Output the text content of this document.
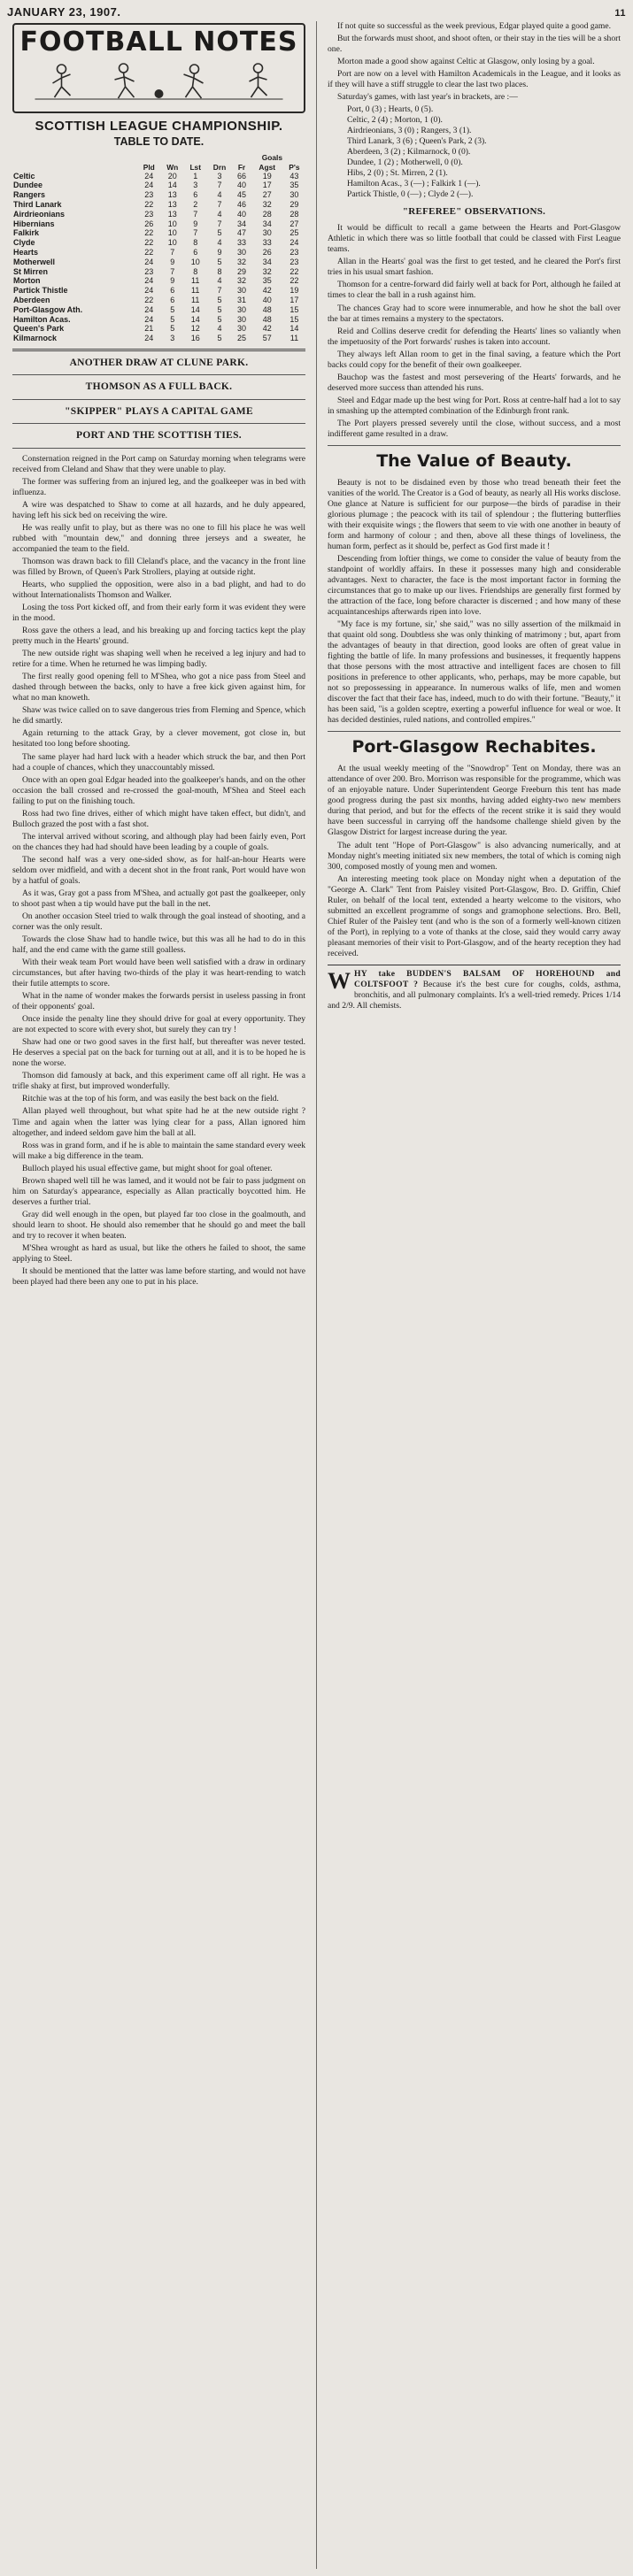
JANUARY 23, 1907.	11
FOOTBALL NOTES
SCOTTISH LEAGUE CHAMPIONSHIP.
TABLE TO DATE.
Goals
	Pld	Wn	Lst	Drn	Fr	Agst	P's
Celtic	24	20	1	3	66	19	43
Dundee	24	14	3	7	40	17	35
Rangers	23	13	6	4	45	27	30
Third Lanark	22	13	2	7	46	32	29
Airdrieonians	23	13	7	4	40	28	28
Hibernians	26	10	9	7	34	34	27
Falkirk	22	10	7	5	47	30	25
Clyde	22	10	8	4	33	33	24
Hearts	22	7	6	9	30	26	23
Motherwell	24	9	10	5	32	34	23
St Mirren	23	7	8	8	29	32	22
Morton	24	9	11	4	32	35	22
Partick Thistle	24	6	11	7	30	42	19
Aberdeen	22	6	11	5	31	40	17
Port-Glasgow Ath.	24	5	14	5	30	48	15
Hamilton Acas.	24	5	14	5	30	48	15
Queen's Park	21	5	12	4	30	42	14
Kilmarnock	24	3	16	5	25	57	11
ANOTHER DRAW AT CLUNE PARK.
THOMSON AS A FULL BACK.
"SKIPPER" PLAYS A CAPITAL GAME
PORT AND THE SCOTTISH TIES.

Consternation reigned in the Port camp on Saturday morning when telegrams were received from Cleland and Shaw that they were unable to play.

The former was suffering from an injured leg, and the goalkeeper was in bed with influenza.

A wire was despatched to Shaw to come at all hazards, and he duly appeared, having left his sick bed on receiving the wire.

He was really unfit to play, but as there was no one to fill his place he was well rubbed with "mountain dew," and donning three jerseys and a sweater, he accompanied the team to the field.

Thomson was drawn back to fill Cleland's place, and the vacancy in the front line was filled by Brown, of Queen's Park Strollers, playing at outside right.

Hearts, who supplied the opposition, were also in a bad plight, and had to do without Internationalists Thomson and Walker.

Losing the toss Port kicked off, and from their early form it was evident they were in the mood.

Ross gave the others a lead, and his breaking up and forcing tactics kept the play pretty much in the Hearts' ground.

The new outside right was shaping well when he received a leg injury and had to retire for a time. When he returned he was limping badly.

The first really good opening fell to M'Shea, who got a nice pass from Steel and dashed through between the backs, only to have a free kick given against him, for what no man knoweth.

Shaw was twice called on to save dangerous tries from Fleming and Spence, which he did smartly.

Again returning to the attack Gray, by a clever movement, got close in, but hesitated too long before shooting.

The same player had hard luck with a header which struck the bar, and then Port had a couple of chances, which they unaccountably missed.

Once with an open goal Edgar headed into the goalkeeper's hands, and on the other occasion the ball crossed and re-crossed the goal-mouth, M'Shea and Steel each failing to put on the finishing touch.

Ross had two fine drives, either of which might have taken effect, but didn't, and Bulloch grazed the post with a fast shot.

The interval arrived without scoring, and although play had been fairly even, Port on the chances they had had should have been leading by a couple of goals.

The second half was a very one-sided show, as for half-an-hour Hearts were seldom over midfield, and with a decent shot in the front rank, Port would have won by a hatful of goals.

As it was, Gray got a pass from M'Shea, and actually got past the goalkeeper, only to shoot past when a tip would have put the ball in the net.

On another occasion Steel tried to walk through the goal instead of shooting, and a corner was the only result.

Towards the close Shaw had to handle twice, but this was all he had to do in this half, and the end came with the game still goalless.

With their weak team Port would have been well satisfied with a draw in ordinary circumstances, but after having two-thirds of the play it was heart-rending to watch their futile attempts to score.

What in the name of wonder makes the forwards persist in useless passing in front of their opponents' goal.

Once inside the penalty line they should drive for goal at every opportunity. They are not expected to score with every shot, but surely they can try !

Shaw had one or two good saves in the first half, but thereafter was never tested. He deserves a special pat on the back for turning out at all, and it is to be hoped he is none the worse.

Thomson did famously at back, and this experiment came off all right. He was a trifle shaky at first, but improved wonderfully.

Ritchie was at the top of his form, and was easily the best back on the field.

Allan played well throughout, but what spite had he at the new outside right ? Time and again when the latter was lying clear for a pass, Allan ignored him altogether, and indeed seldom gave him the ball at all.

Ross was in grand form, and if he is able to maintain the same standard every week will make a big difference in the team.

Bulloch played his usual effective game, but might shoot for goal oftener.

Brown shaped well till he was lamed, and it would not be fair to pass judgment on him on Saturday's appearance, especially as Allan practically boycotted him. He deserves a further trial.

Gray did well enough in the open, but played far too close in the goalmouth, and should learn to shoot. He should also remember that he should go and meet the ball and try to recover it when beaten.

M'Shea wrought as hard as usual, but like the others he failed to shoot, the same applying to Steel.

It should be mentioned that the latter was lame before starting, and would not have been played had there been any one to put in his place.

If not quite so successful as the week previous, Edgar played quite a good game.

But the forwards must shoot, and shoot often, or their stay in the ties will be a short one.

Morton made a good show against Celtic at Glasgow, only losing by a goal.

Port are now on a level with Hamilton Academicals in the League, and it looks as if they will have a stiff struggle to clear the last two places.

Saturday's games, with last year's in brackets, are :—

Port, 0 (3) ; Hearts, 0 (5).

Celtic, 2 (4) ; Morton, 1 (0).

Airdrieonians, 3 (0) ; Rangers, 3 (1).

Third Lanark, 3 (6) ; Queen's Park, 2 (3).

Aberdeen, 3 (2) ; Kilmarnock, 0 (0).

Dundee, 1 (2) ; Motherwell, 0 (0).

Hibs, 2 (0) ; St. Mirren, 2 (1).

Hamilton Acas., 3 (—) ; Falkirk 1 (—).

Partick Thistle, 0 (—) ; Clyde 2 (—).

"REFEREE" OBSERVATIONS.

It would be difficult to recall a game between the Hearts and Port-Glasgow Athletic in which there was so little football that could be classed with First League teams.

Allan in the Hearts' goal was the first to get tested, and he cleared the Port's first tries in his usual smart fashion.

Thomson for a centre-forward did fairly well at back for Port, although he failed at times to clear the ball in a rush against him.

The chances Gray had to score were innumerable, and how he shot the ball over the bar at times remains a mystery to the spectators.

Reid and Collins deserve credit for defending the Hearts' lines so valiantly when the impetuosity of the Port forwards' rushes is taken into account.

They always left Allan room to get in the final saving, a feature which the Port backs could copy for the benefit of their own goalkeeper.

Bauchop was the fastest and most persevering of the Hearts' forwards, and he deserved more success than attended his runs.

Steel and Edgar made up the best wing for Port. Ross at centre-half had a lot to say in smashing up the attempted combination of the Edinburgh front rank.

The Port players pressed severely until the close, without success, and a most indifferent game resulted in a draw.

The Value of Beauty.

Beauty is not to be disdained even by those who tread beneath their feet the vanities of the world. The Creator is a God of beauty, as nearly all His works disclose. One glance at Nature is sufficient for our purpose—the birds of paradise in their glorious plumage ; the peacock with its tail of splendour ; the fluttering butterflies with their exquisite wings ; the flowers that seem to vie with one another in beauty of form and harmony of colour ; and then, above all these things of loveliness, the human form, perfect as it should be, perfect as God first made it !

Descending from loftier things, we come to consider the value of beauty from the standpoint of worldly affairs. In these it possesses many high and considerable advantages. Next to character, the face is the most important factor in forming the circumstances that go to make up our lives. Friendships are generally first formed by the attraction of the face, long before character is discerned ; and how many of these acquaintanceships afterwards ripen into love.

"My face is my fortune, sir,' she said," was no silly assertion of the milkmaid in that quaint old song. Doubtless she was only thinking of matrimony ; but, apart from the advantages of beauty in that direction, good looks are often of great value in fighting the battle of life. In many professions and businesses, it frequently happens that those persons with the most attractive and intelligent faces are chosen to fill positions in preference to other applicants, who, perhaps, may be more capable, but not so prepossessing in appearance. In numerous walks of life, men and women discover the fact that their face has, indeed, much to do with their fortune. "Beauty," it has been said, "is a golden sceptre, exerting a powerful influence for weal or woe. It has decided destinies, ruled nations, and controlled empires."

Port-Glasgow Rechabites.

At the usual weekly meeting of the "Snowdrop" Tent on Monday, there was an attendance of over 200. Bro. Morrison was responsible for the programme, which was of an enjoyable nature. Under Superintendent George Freeburn this tent has made good progress during the past six months, having added eighty-two new members during that period, and but for the effects of the recent strike it is said they would have been successful in carrying off the handsome challenge shield given by the Glasgow District for largest increase during the year.

The adult tent "Hope of Port-Glasgow" is also advancing numerically, and at Monday night's meeting initiated six new members, the total of which is coming nigh 300, composed mostly of young men and women.

An interesting meeting took place on Monday night when a deputation of the "George A. Clark" Tent from Paisley visited Port-Glasgow, Bro. D. Griffin, Chief Ruler, on behalf of the local tent, extended a hearty welcome to the visitors, who submitted an excellent programme of songs and gramophone selections. Bro. Bell, Chief Ruler of the Paisley tent (and who is the son of a formerly well-known citizen of the Port), in replying to a vote of thanks at the close, said they would carry away pleasant memories of their visit to Port-Glasgow, and of the hearty reception they had received.

WHY take BUDDEN'S BALSAM OF HOREHOUND and COLTSFOOT ? Because it's the best cure for coughs, colds, asthma, bronchitis, and all pulmonary complaints. It's a well-tried remedy. Prices 1/14 and 2/9. All chemists.
